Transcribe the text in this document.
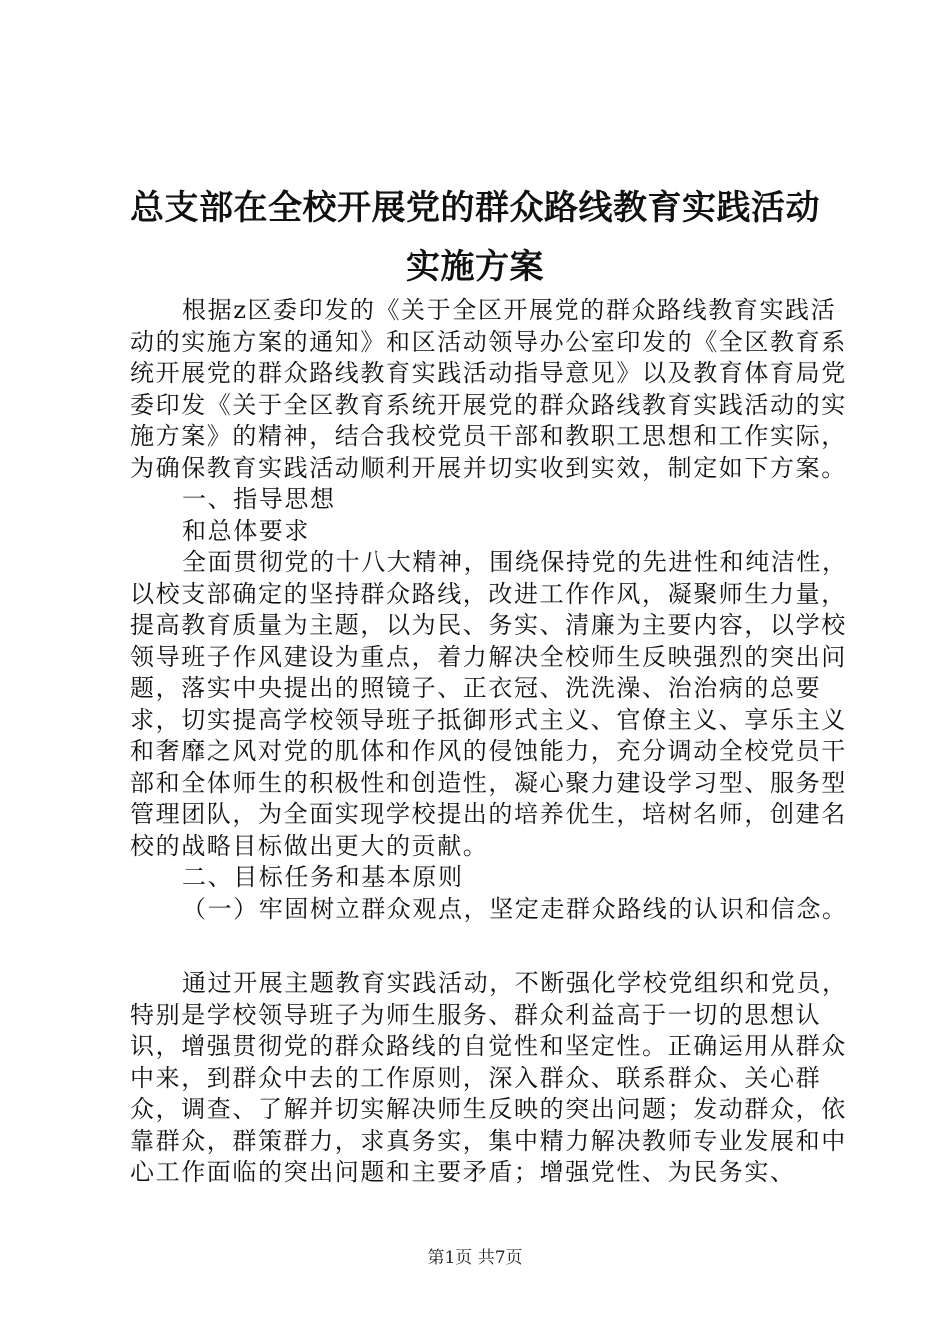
总支部在全校开展党的群众路线教育实践活动
实施方案

根据z区委印发的《关于全区开展党的群众路线教育实践活动的实施方案的通知》和区活动领导办公室印发的《全区教育系统开展党的群众路线教育实践活动指导意见》以及教育体育局党委印发《关于全区教育系统开展党的群众路线教育实践活动的实施方案》的精神，结合我校党员干部和教职工思想和工作实际，为确保教育实践活动顺利开展并切实收到实效，制定如下方案。

一、指导思想

和总体要求

全面贯彻党的十八大精神，围绕保持党的先进性和纯洁性，以校支部确定的坚持群众路线，改进工作作风，凝聚师生力量，提高教育质量为主题，以为民、务实、清廉为主要内容，以学校领导班子作风建设为重点，着力解决全校师生反映强烈的突出问题，落实中央提出的照镜子、正衣冠、洗洗澡、治治病的总要求，切实提高学校领导班子抵御形式主义、官僚主义、享乐主义和奢靡之风对党的肌体和作风的侵蚀能力，充分调动全校党员干部和全体师生的积极性和创造性，凝心聚力建设学习型、服务型管理团队，为全面实现学校提出的培养优生，培树名师，创建名校的战略目标做出更大的贡献。

二、目标任务和基本原则

（一）牢固树立群众观点，坚定走群众路线的认识和信念。

通过开展主题教育实践活动，不断强化学校党组织和党员，特别是学校领导班子为师生服务、群众利益高于一切的思想认识，增强贯彻党的群众路线的自觉性和坚定性。正确运用从群众中来，到群众中去的工作原则，深入群众、联系群众、关心群众，调查、了解并切实解决师生反映的突出问题；发动群众，依靠群众，群策群力，求真务实，集中精力解决教师专业发展和中心工作面临的突出问题和主要矛盾；增强党性、为民务实、

第1页 共7页
